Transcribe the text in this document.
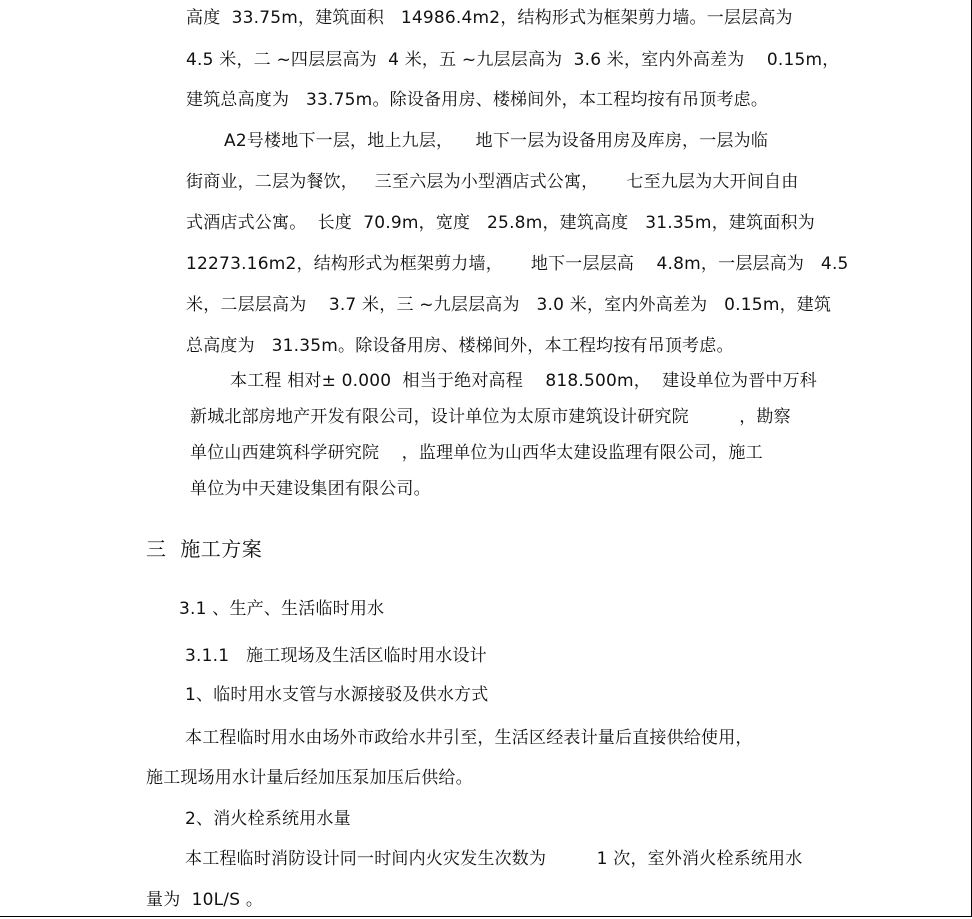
高度  33.75m，建筑面积   14986.4m2，结构形式为框架剪力墙。一层层高为

4.5 米，二 ~四层层高为  4 米，五 ~九层层高为  3.6 米，室内外高差为    0.15m，

建筑总高度为   33.75m。除设备用房、楼梯间外，本工程均按有吊顶考虑。

A2号楼地下一层，地上九层，    地下一层为设备用房及库房，一层为临

街商业，二层为餐饮，   三至六层为小型酒店式公寓，     七至九层为大开间自由

式酒店式公寓。  长度  70.9m，宽度   25.8m，建筑高度   31.35m，建筑面积为

12273.16m2，结构形式为框架剪力墙，     地下一层层高    4.8m，一层层高为   4.5

米，二层层高为    3.7 米，三 ~九层层高为   3.0 米，室内外高差为   0.15m，建筑

总高度为   31.35m。除设备用房、楼梯间外，本工程均按有吊顶考虑。

本工程 相对± 0.000  相当于绝对高程    818.500m，  建设单位为晋中万科

新城北部房地产开发有限公司，设计单位为太原市建筑设计研究院         ，勘察

单位山西建筑科学研究院    ，监理单位为山西华太建设监理有限公司，施工

单位为中天建设集团有限公司。

三  施工方案

3.1 、生产、生活临时用水

3.1.1   施工现场及生活区临时用水设计

1、临时用水支管与水源接驳及供水方式

本工程临时用水由场外市政给水井引至，生活区经表计量后直接供给使用，

施工现场用水计量后经加压泵加压后供给。

2、消火栓系统用水量

本工程临时消防设计同一时间内火灾发生次数为         1 次，室外消火栓系统用水

量为  10L/S 。
